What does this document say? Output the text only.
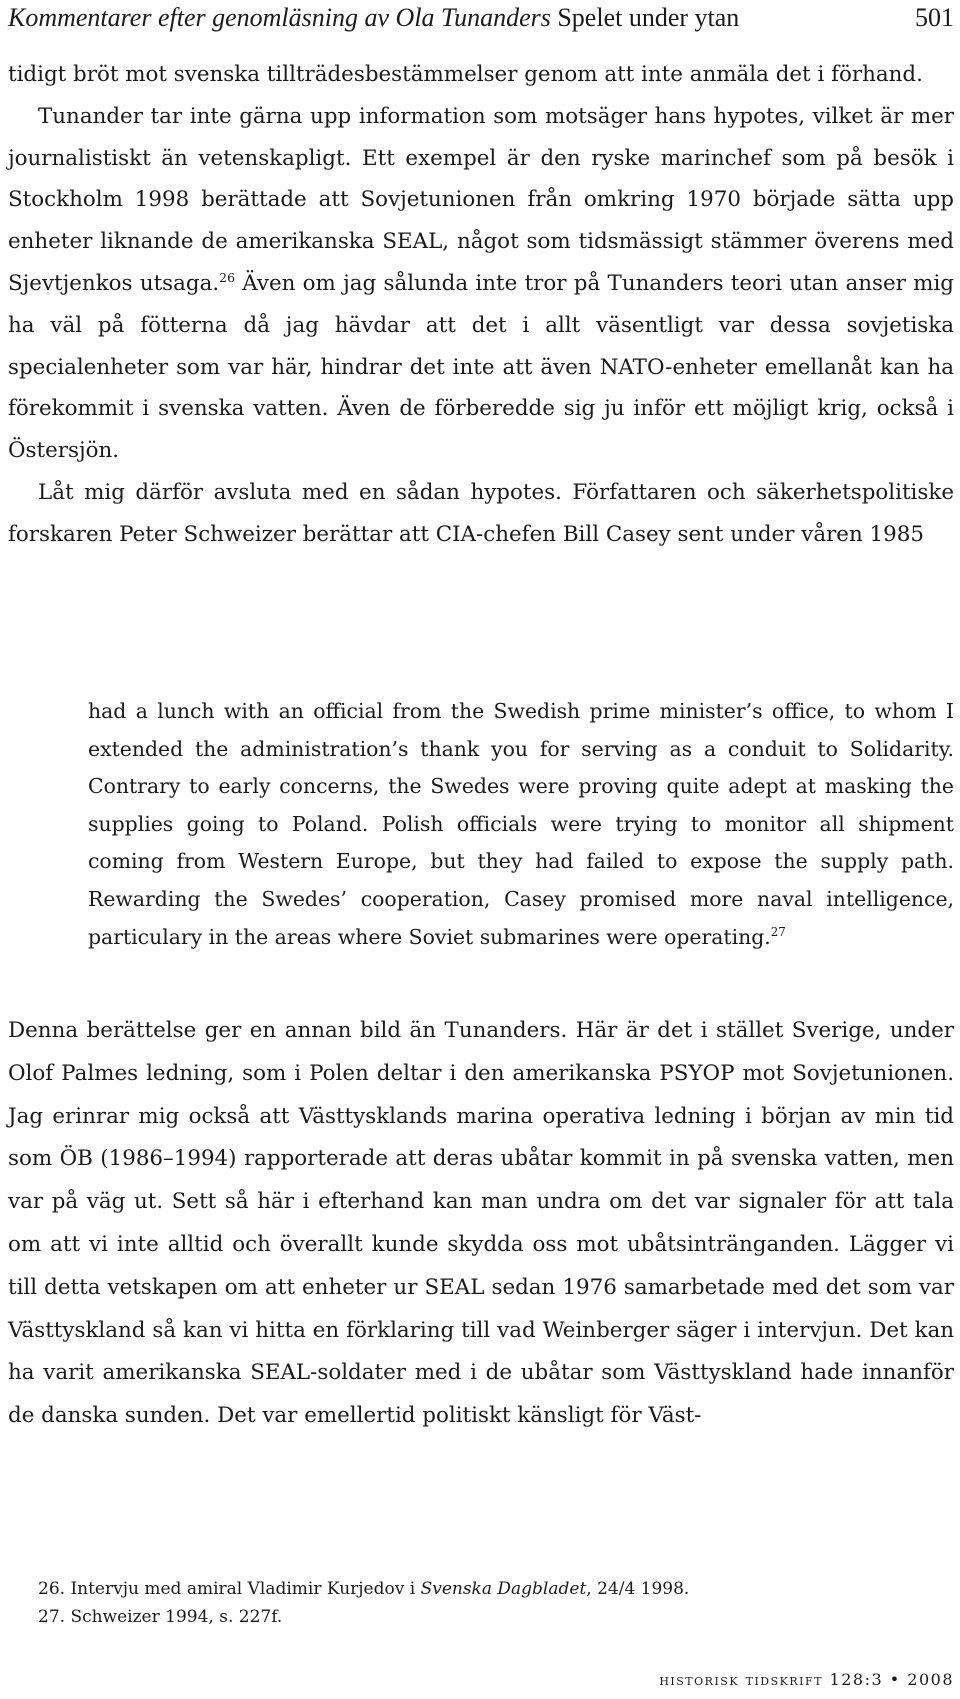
Kommentarer efter genomläsning av Ola Tunanders Spelet under ytan	501

tidigt bröt mot svenska tillträdesbestämmelser genom att inte anmäla det i förhand.

Tunander tar inte gärna upp information som motsäger hans hypotes, vilket är mer journalistiskt än vetenskapligt. Ett exempel är den ryske marinchef som på besök i Stockholm 1998 berättade att Sovjetunionen från omkring 1970 började sätta upp enheter liknande de amerikanska SEAL, något som tidsmässigt stämmer överens med Sjevtjenkos utsaga.$^{26}$ Även om jag sålunda inte tror på Tunanders teori utan anser mig ha väl på fötterna då jag hävdar att det i allt väsentligt var dessa sovjetiska specialenheter som var här, hindrar det inte att även NATO-enheter emellanåt kan ha förekommit i svenska vatten. Även de förberedde sig ju inför ett möjligt krig, också i Östersjön.

Låt mig därför avsluta med en sådan hypotes. Författaren och säkerhetspolitiske forskaren Peter Schweizer berättar att CIA-chefen Bill Casey sent under våren 1985

had a lunch with an official from the Swedish prime minister’s office, to whom I extended the administration’s thank you for serving as a conduit to Solidarity. Contrary to early concerns, the Swedes were proving quite adept at masking the supplies going to Poland. Polish officials were trying to monitor all shipment coming from Western Europe, but they had failed to expose the supply path. Rewarding the Swedes’ cooperation, Casey promised more naval intelligence, particulary in the areas where Soviet submarines were operating.$^{27}$

Denna berättelse ger en annan bild än Tunanders. Här är det i stället Sverige, under Olof Palmes ledning, som i Polen deltar i den amerikanska PSYOP mot Sovjetunionen. Jag erinrar mig också att Västtysklands marina operativa ledning i början av min tid som ÖB (1986–1994) rapporterade att deras ubåtar kommit in på svenska vatten, men var på väg ut. Sett så här i efterhand kan man undra om det var signaler för att tala om att vi inte alltid och överallt kunde skydda oss mot ubåtsintränganden. Lägger vi till detta vetskapen om att enheter ur SEAL sedan 1976 samarbetade med det som var Västtyskland så kan vi hitta en förklaring till vad Weinberger säger i intervjun. Det kan ha varit amerikanska SEAL-soldater med i de ubåtar som Västtyskland hade innanför de danska sunden. Det var emellertid politiskt känsligt för Väst-

26. Intervju med amiral Vladimir Kurjedov i Svenska Dagbladet, 24/4 1998.
27. Schweizer 1994, s. 227f.
historisk tidskrift 128:3 • 2008
